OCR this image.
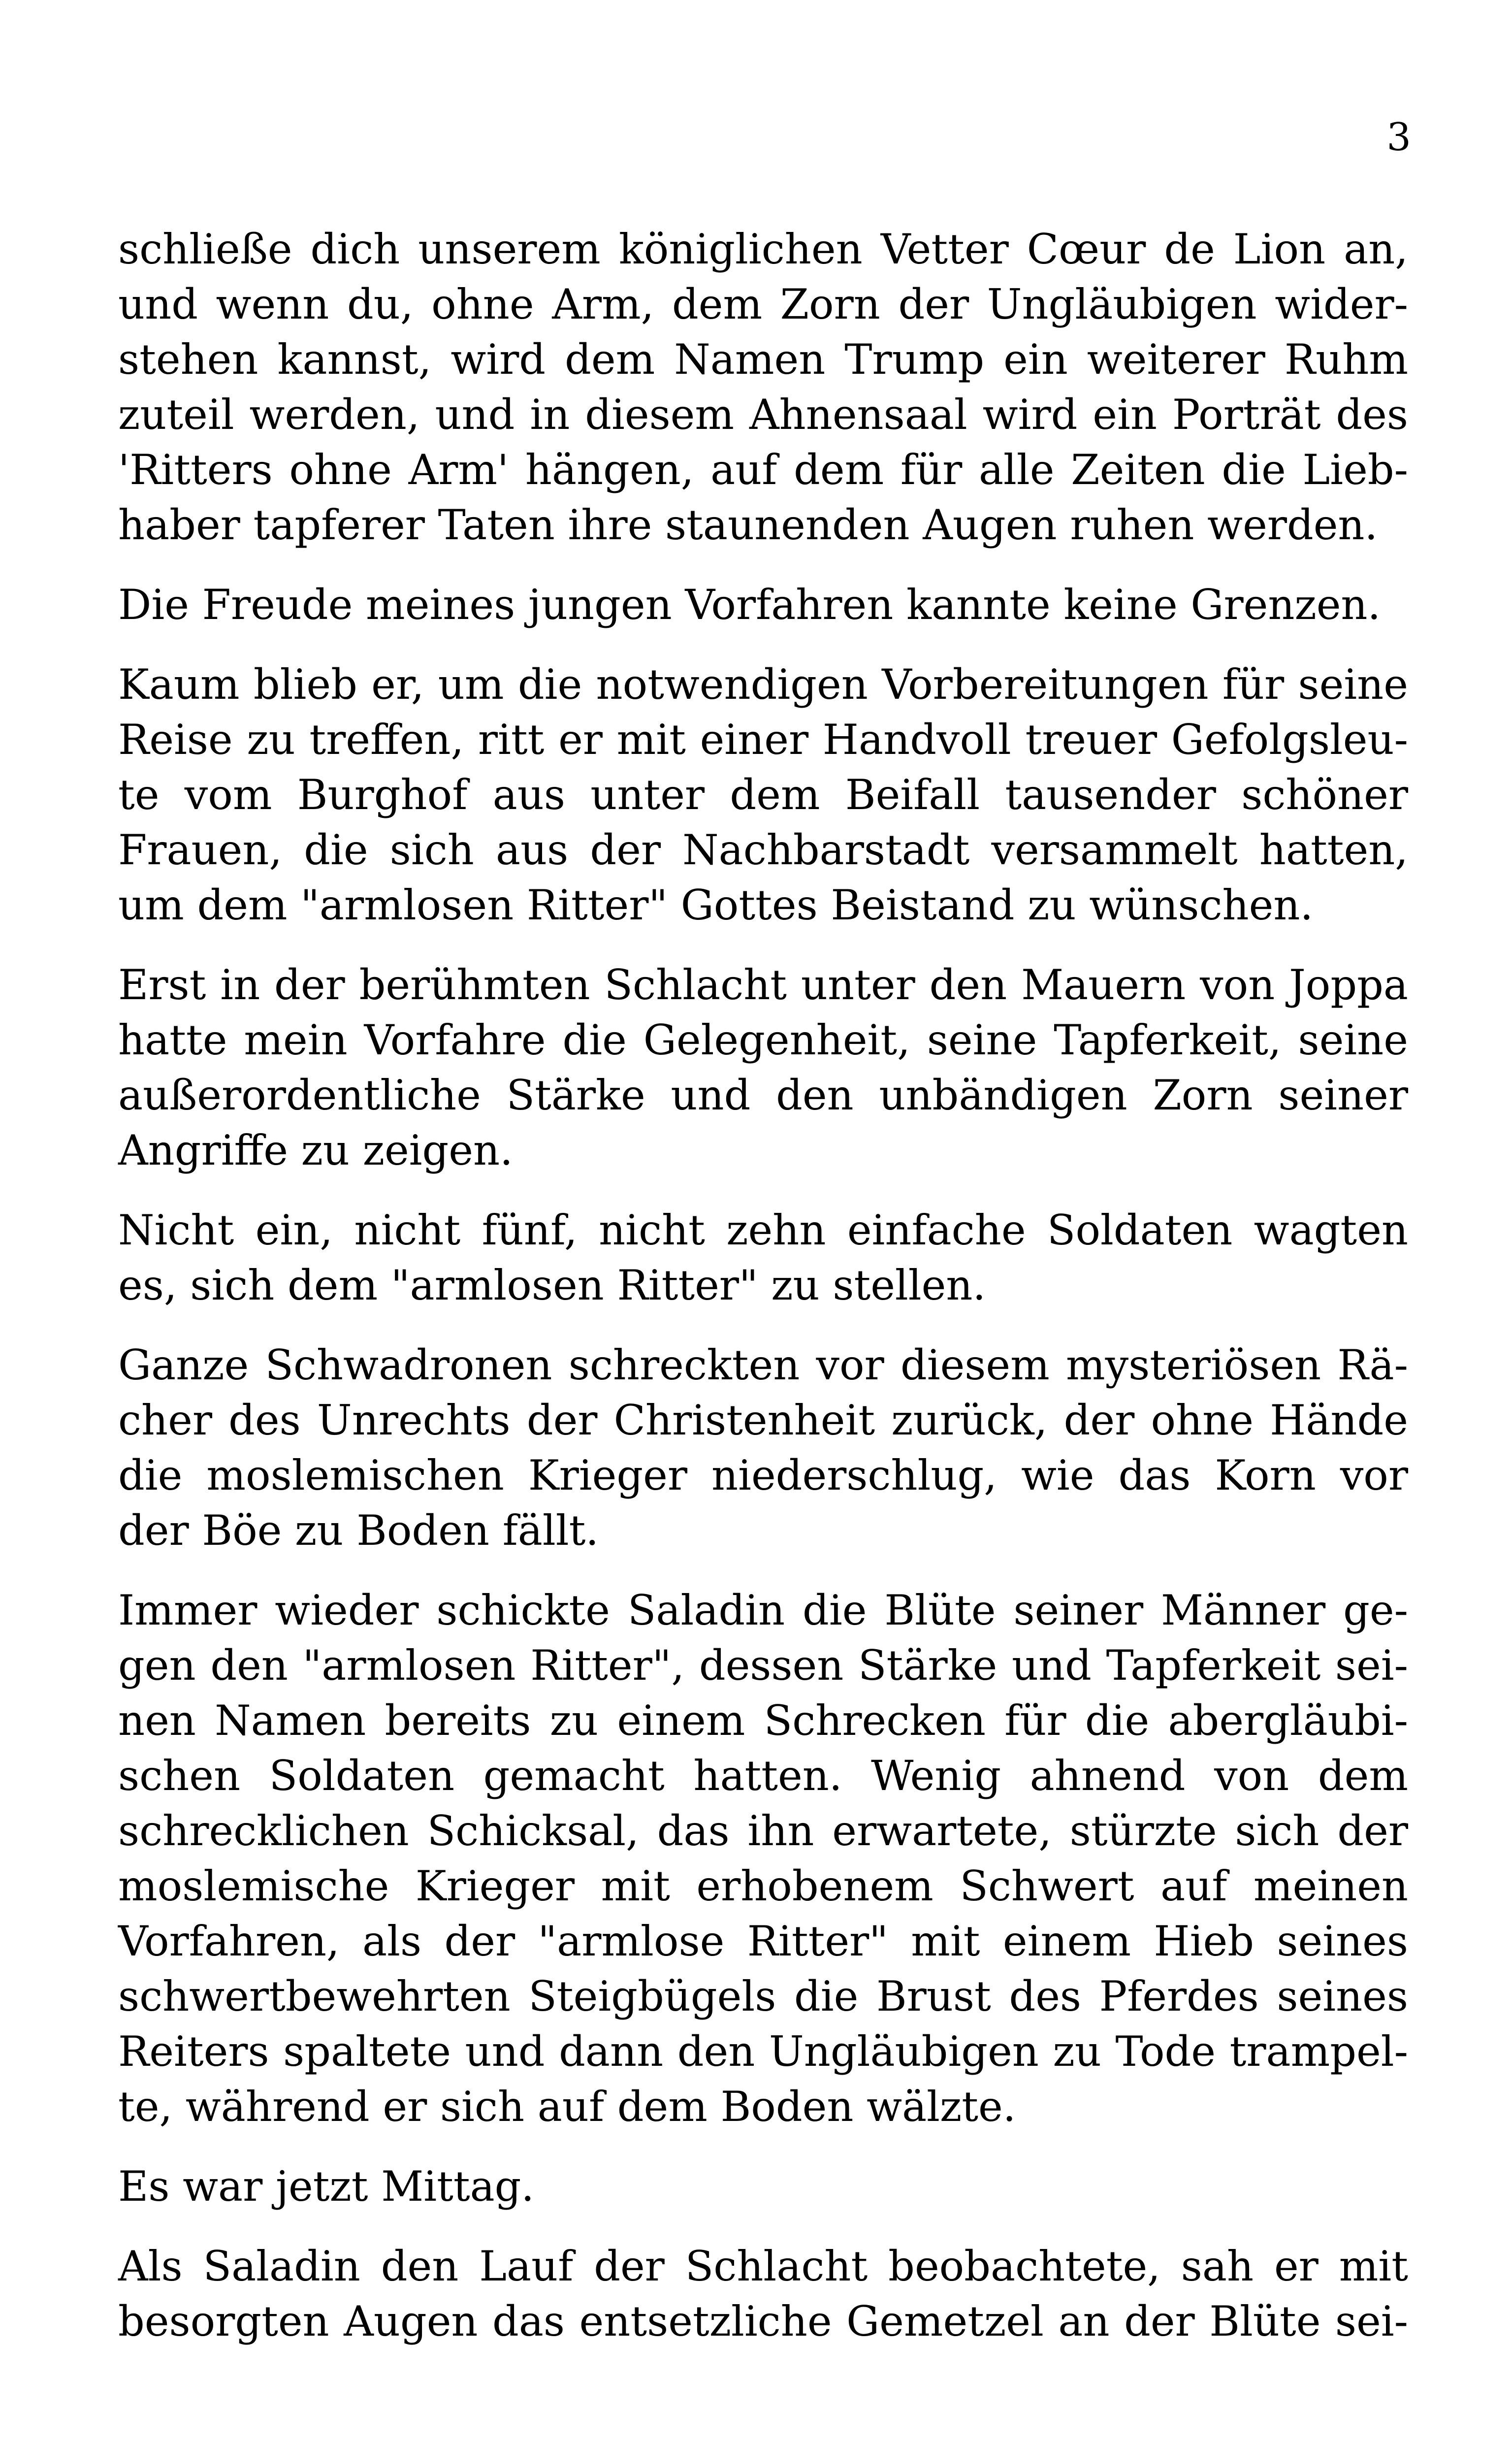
3

schließe dich unserem königlichen Vetter Cœur de Lion an,
und wenn du, ohne Arm, dem Zorn der Ungläubigen wider-
stehen kannst, wird dem Namen Trump ein weiterer Ruhm
zuteil werden, und in diesem Ahnensaal wird ein Porträt des
'Ritters ohne Arm' hängen, auf dem für alle Zeiten die Lieb-
haber tapferer Taten ihre staunenden Augen ruhen werden.

Die Freude meines jungen Vorfahren kannte keine Grenzen.

Kaum blieb er, um die notwendigen Vorbereitungen für seine
Reise zu treffen, ritt er mit einer Handvoll treuer Gefolgsleu-
te vom Burghof aus unter dem Beifall tausender schöner
Frauen, die sich aus der Nachbarstadt versammelt hatten,
um dem "armlosen Ritter" Gottes Beistand zu wünschen.

Erst in der berühmten Schlacht unter den Mauern von Joppa
hatte mein Vorfahre die Gelegenheit, seine Tapferkeit, seine
außerordentliche Stärke und den unbändigen Zorn seiner
Angriffe zu zeigen.

Nicht ein, nicht fünf, nicht zehn einfache Soldaten wagten
es, sich dem "armlosen Ritter" zu stellen.

Ganze Schwadronen schreckten vor diesem mysteriösen Rä-
cher des Unrechts der Christenheit zurück, der ohne Hände
die moslemischen Krieger niederschlug, wie das Korn vor
der Böe zu Boden fällt.

Immer wieder schickte Saladin die Blüte seiner Männer ge-
gen den "armlosen Ritter", dessen Stärke und Tapferkeit sei-
nen Namen bereits zu einem Schrecken für die abergläubi-
schen Soldaten gemacht hatten. Wenig ahnend von dem
schrecklichen Schicksal, das ihn erwartete, stürzte sich der
moslemische Krieger mit erhobenem Schwert auf meinen
Vorfahren, als der "armlose Ritter" mit einem Hieb seines
schwertbewehrten Steigbügels die Brust des Pferdes seines
Reiters spaltete und dann den Ungläubigen zu Tode trampel-
te, während er sich auf dem Boden wälzte.

Es war jetzt Mittag.

Als Saladin den Lauf der Schlacht beobachtete, sah er mit
besorgten Augen das entsetzliche Gemetzel an der Blüte sei-
